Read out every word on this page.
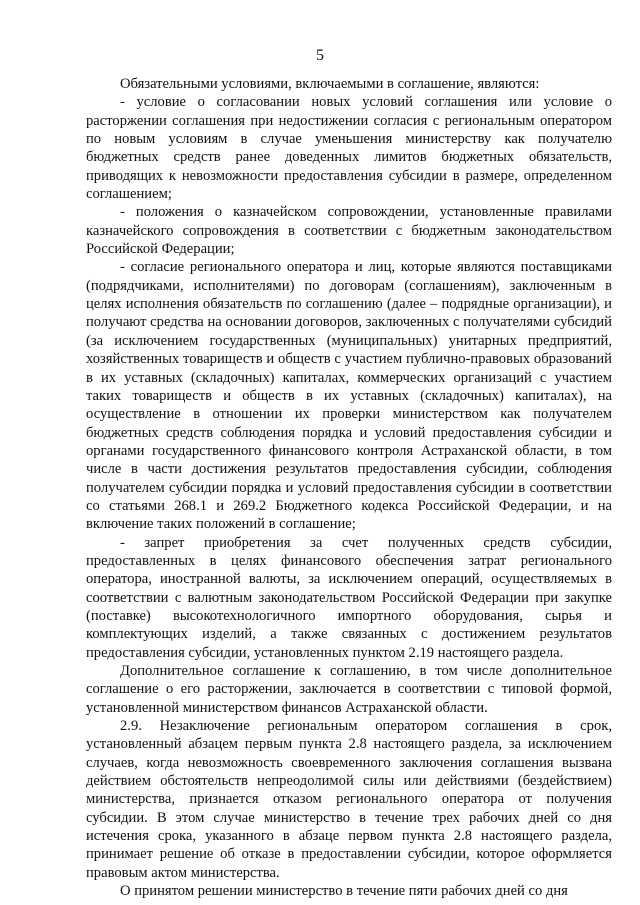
5

Обязательными условиями, включаемыми в соглашение, являются:

- условие о согласовании новых условий соглашения или условие о расторжении соглашения при недостижении согласия с региональным оператором по новым условиям в случае уменьшения министерству как получателю бюджетных средств ранее доведенных лимитов бюджетных обязательств, приводящих к невозможности предоставления субсидии в размере, определенном соглашением;

- положения о казначейском сопровождении, установленные правилами казначейского сопровождения в соответствии с бюджетным законодательством Российской Федерации;

- согласие регионального оператора и лиц, которые являются поставщиками (подрядчиками, исполнителями) по договорам (соглашениям), заключенным в целях исполнения обязательств по соглашению (далее – подрядные организации), и получают средства на основании договоров, заключенных с получателями субсидий (за исключением государственных (муниципальных) унитарных предприятий, хозяйственных товариществ и обществ с участием публично-правовых образований в их уставных (складочных) капиталах, коммерческих организаций с участием таких товариществ и обществ в их уставных (складочных) капиталах), на осуществление в отношении их проверки министерством как получателем бюджетных средств соблюдения порядка и условий предоставления субсидии и органами государственного финансового контроля Астраханской области, в том числе в части достижения результатов предоставления субсидии, соблюдения получателем субсидии порядка и условий предоставления субсидии в соответствии со статьями 268.1 и 269.2 Бюджетного кодекса Российской Федерации, и на включение таких положений в соглашение;

- запрет приобретения за счет полученных средств субсидии, предоставленных в целях финансового обеспечения затрат регионального оператора, иностранной валюты, за исключением операций, осуществляемых в соответствии с валютным законодательством Российской Федерации при закупке (поставке) высокотехнологичного импортного оборудования, сырья и комплектующих изделий, а также связанных с достижением результатов предоставления субсидии, установленных пунктом 2.19 настоящего раздела.

Дополнительное соглашение к соглашению, в том числе дополнительное соглашение о его расторжении, заключается в соответствии с типовой формой, установленной министерством финансов Астраханской области.

2.9. Незаключение региональным оператором соглашения в срок, установленный абзацем первым пункта 2.8 настоящего раздела, за исключением случаев, когда невозможность своевременного заключения соглашения вызвана действием обстоятельств непреодолимой силы или действиями (бездействием) министерства, признается отказом регионального оператора от получения субсидии. В этом случае министерство в течение трех рабочих дней со дня истечения срока, указанного в абзаце первом пункта 2.8 настоящего раздела, принимает решение об отказе в предоставлении субсидии, которое оформляется правовым актом министерства.

О принятом решении министерство в течение пяти рабочих дней со дня
